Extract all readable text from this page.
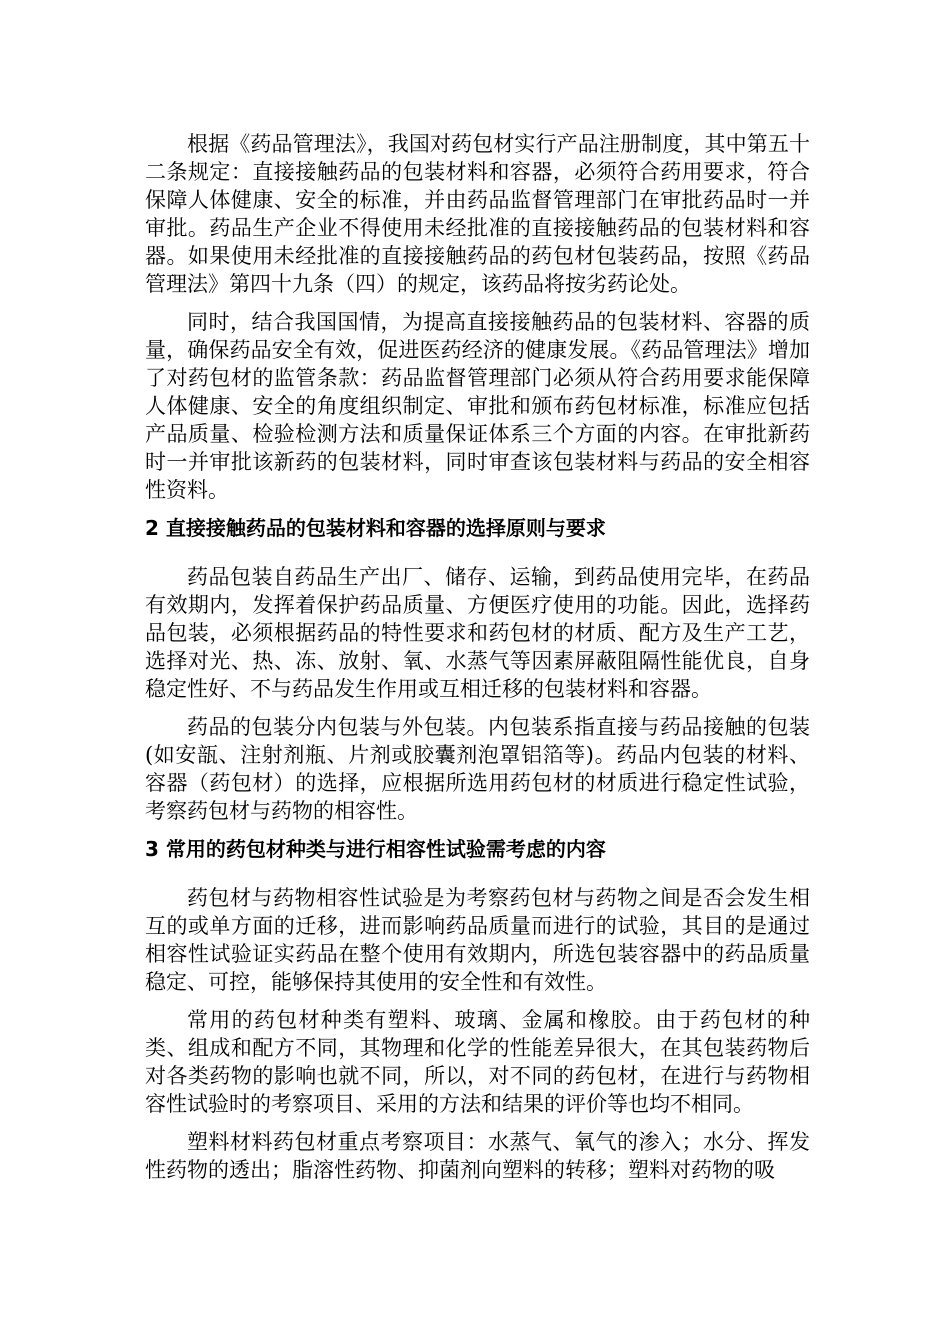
根据《药品管理法》，我国对药包材实行产品注册制度，其中第五十二条规定：直接接触药品的包装材料和容器，必须符合药用要求，符合保障人体健康、安全的标准，并由药品监督管理部门在审批药品时一并审批。药品生产企业不得使用未经批准的直接接触药品的包装材料和容器。如果使用未经批准的直接接触药品的药包材包装药品，按照《药品管理法》第四十九条（四）的规定，该药品将按劣药论处。

同时，结合我国国情，为提高直接接触药品的包装材料、容器的质量，确保药品安全有效，促进医药经济的健康发展。《药品管理法》增加了对药包材的监管条款：药品监督管理部门必须从符合药用要求能保障人体健康、安全的角度组织制定、审批和颁布药包材标准，标准应包括产品质量、检验检测方法和质量保证体系三个方面的内容。在审批新药时一并审批该新药的包装材料，同时审查该包装材料与药品的安全相容性资料。

2 直接接触药品的包装材料和容器的选择原则与要求

药品包装自药品生产出厂、储存、运输，到药品使用完毕，在药品有效期内，发挥着保护药品质量、方便医疗使用的功能。因此，选择药品包装，必须根据药品的特性要求和药包材的材质、配方及生产工艺，选择对光、热、冻、放射、氧、水蒸气等因素屏蔽阻隔性能优良，自身稳定性好、不与药品发生作用或互相迁移的包装材料和容器。

药品的包装分内包装与外包装。内包装系指直接与药品接触的包装(如安瓿、注射剂瓶、片剂或胶囊剂泡罩铝箔等)。药品内包装的材料、容器（药包材）的选择，应根据所选用药包材的材质进行稳定性试验，考察药包材与药物的相容性。

3 常用的药包材种类与进行相容性试验需考虑的内容

药包材与药物相容性试验是为考察药包材与药物之间是否会发生相互的或单方面的迁移，进而影响药品质量而进行的试验，其目的是通过相容性试验证实药品在整个使用有效期内，所选包装容器中的药品质量稳定、可控，能够保持其使用的安全性和有效性。

常用的药包材种类有塑料、玻璃、金属和橡胶。由于药包材的种类、组成和配方不同，其物理和化学的性能差异很大，在其包装药物后对各类药物的影响也就不同，所以，对不同的药包材，在进行与药物相容性试验时的考察项目、采用的方法和结果的评价等也均不相同。

塑料材料药包材重点考察项目：水蒸气、氧气的渗入；水分、挥发性药物的透出；脂溶性药物、抑菌剂向塑料的转移；塑料对药物的吸
